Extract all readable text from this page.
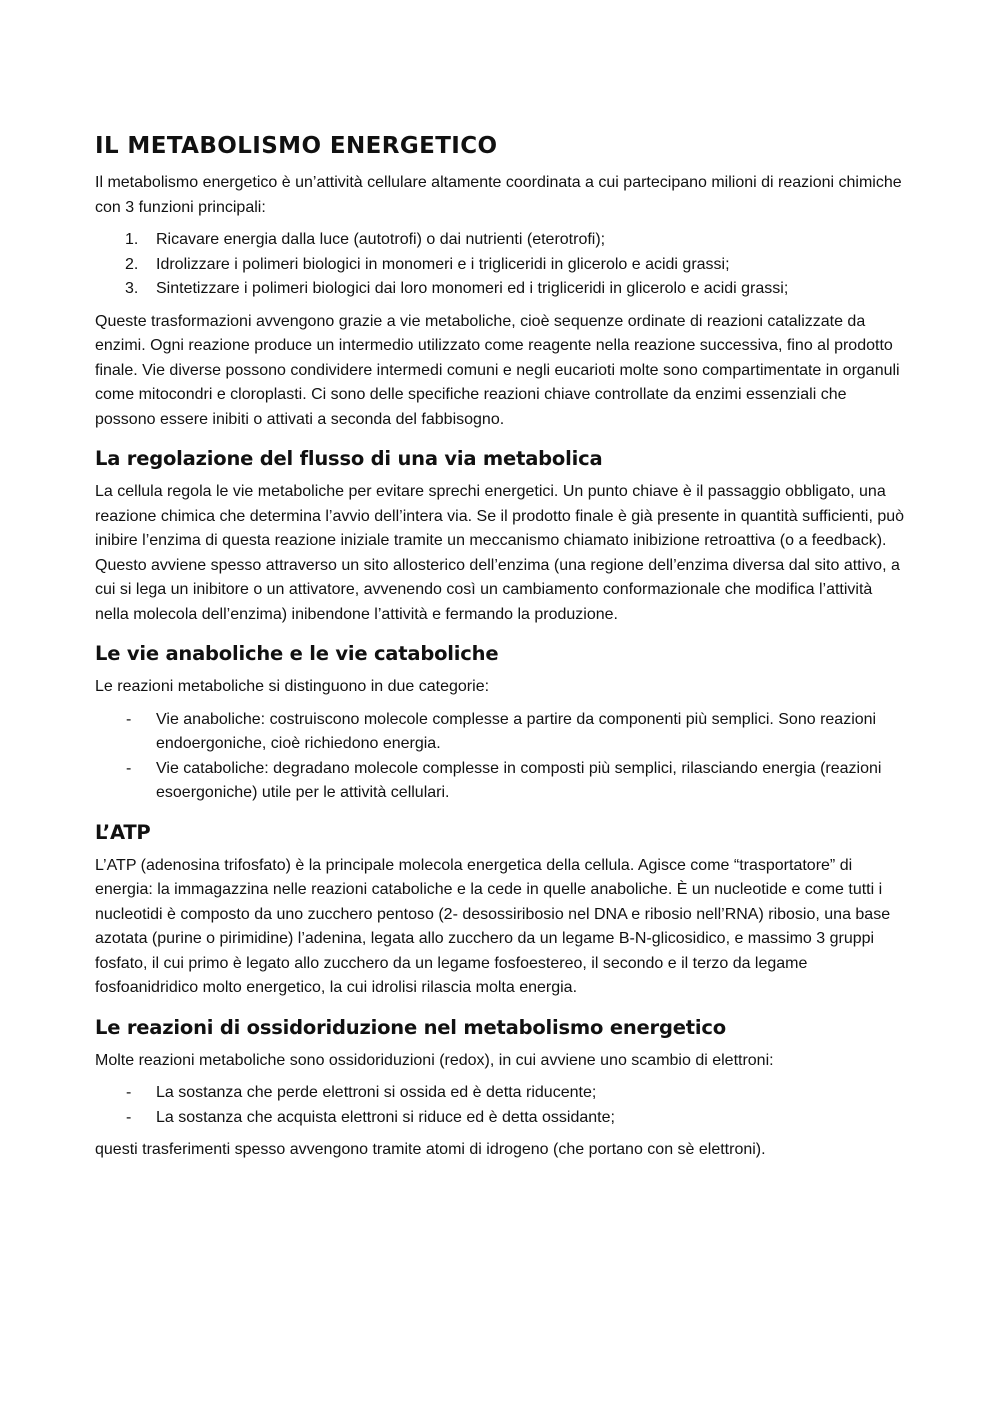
IL METABOLISMO ENERGETICO

Il metabolismo energetico è un’attività cellulare altamente coordinata a cui partecipano milioni di reazioni chimiche con 3 funzioni principali:

1. Ricavare energia dalla luce (autotrofi) o dai nutrienti (eterotrofi);
2. Idrolizzare i polimeri biologici in monomeri e i trigliceridi in glicerolo e acidi grassi;
3. Sintetizzare i polimeri biologici dai loro monomeri ed i trigliceridi in glicerolo e acidi grassi;

Queste trasformazioni avvengono grazie a vie metaboliche, cioè sequenze ordinate di reazioni catalizzate da enzimi. Ogni reazione produce un intermedio utilizzato come reagente nella reazione successiva, fino al prodotto finale. Vie diverse possono condividere intermedi comuni e negli eucarioti molte sono compartimentate in organuli come mitocondri e cloroplasti. Ci sono delle specifiche reazioni chiave controllate da enzimi essenziali che possono essere inibiti o attivati a seconda del fabbisogno.

La regolazione del flusso di una via metabolica

La cellula regola le vie metaboliche per evitare sprechi energetici. Un punto chiave è il passaggio obbligato, una reazione chimica che determina l’avvio dell’intera via. Se il prodotto finale è già presente in quantità sufficienti, può inibire l’enzima di questa reazione iniziale tramite un meccanismo chiamato inibizione retroattiva (o a feedback). Questo avviene spesso attraverso un sito allosterico dell’enzima (una regione dell’enzima diversa dal sito attivo, a cui si lega un inibitore o un attivatore, avvenendo così un cambiamento conformazionale che modifica l’attività nella molecola dell’enzima) inibendone l’attività e fermando la produzione.

Le vie anaboliche e le vie cataboliche

Le reazioni metaboliche si distinguono in due categorie:

- Vie anaboliche: costruiscono molecole complesse a partire da componenti più semplici. Sono reazioni endoergoniche, cioè richiedono energia.
- Vie cataboliche: degradano molecole complesse in composti più semplici, rilasciando energia (reazioni esoergoniche) utile per le attività cellulari.
L’ATP

L’ATP (adenosina trifosfato) è la principale molecola energetica della cellula. Agisce come “trasportatore” di energia: la immagazzina nelle reazioni cataboliche e la cede in quelle anaboliche. È un nucleotide e come tutti i nucleotidi è composto da uno zucchero pentoso (2- desossiribosio nel DNA e ribosio nell’RNA) ribosio, una base azotata (purine o pirimidine) l’adenina, legata allo zucchero da un legame Β-N-glicosidico, e massimo 3 gruppi fosfato, il cui primo è legato allo zucchero da un legame fosfoestereo, il secondo e il terzo da legame fosfoanidridico molto energetico, la cui idrolisi rilascia molta energia.

Le reazioni di ossidoriduzione nel metabolismo energetico

Molte reazioni metaboliche sono ossidoriduzioni (redox), in cui avviene uno scambio di elettroni:

- La sostanza che perde elettroni si ossida ed è detta riducente;
- La sostanza che acquista elettroni si riduce ed è detta ossidante;

questi trasferimenti spesso avvengono tramite atomi di idrogeno (che portano con sè elettroni).
